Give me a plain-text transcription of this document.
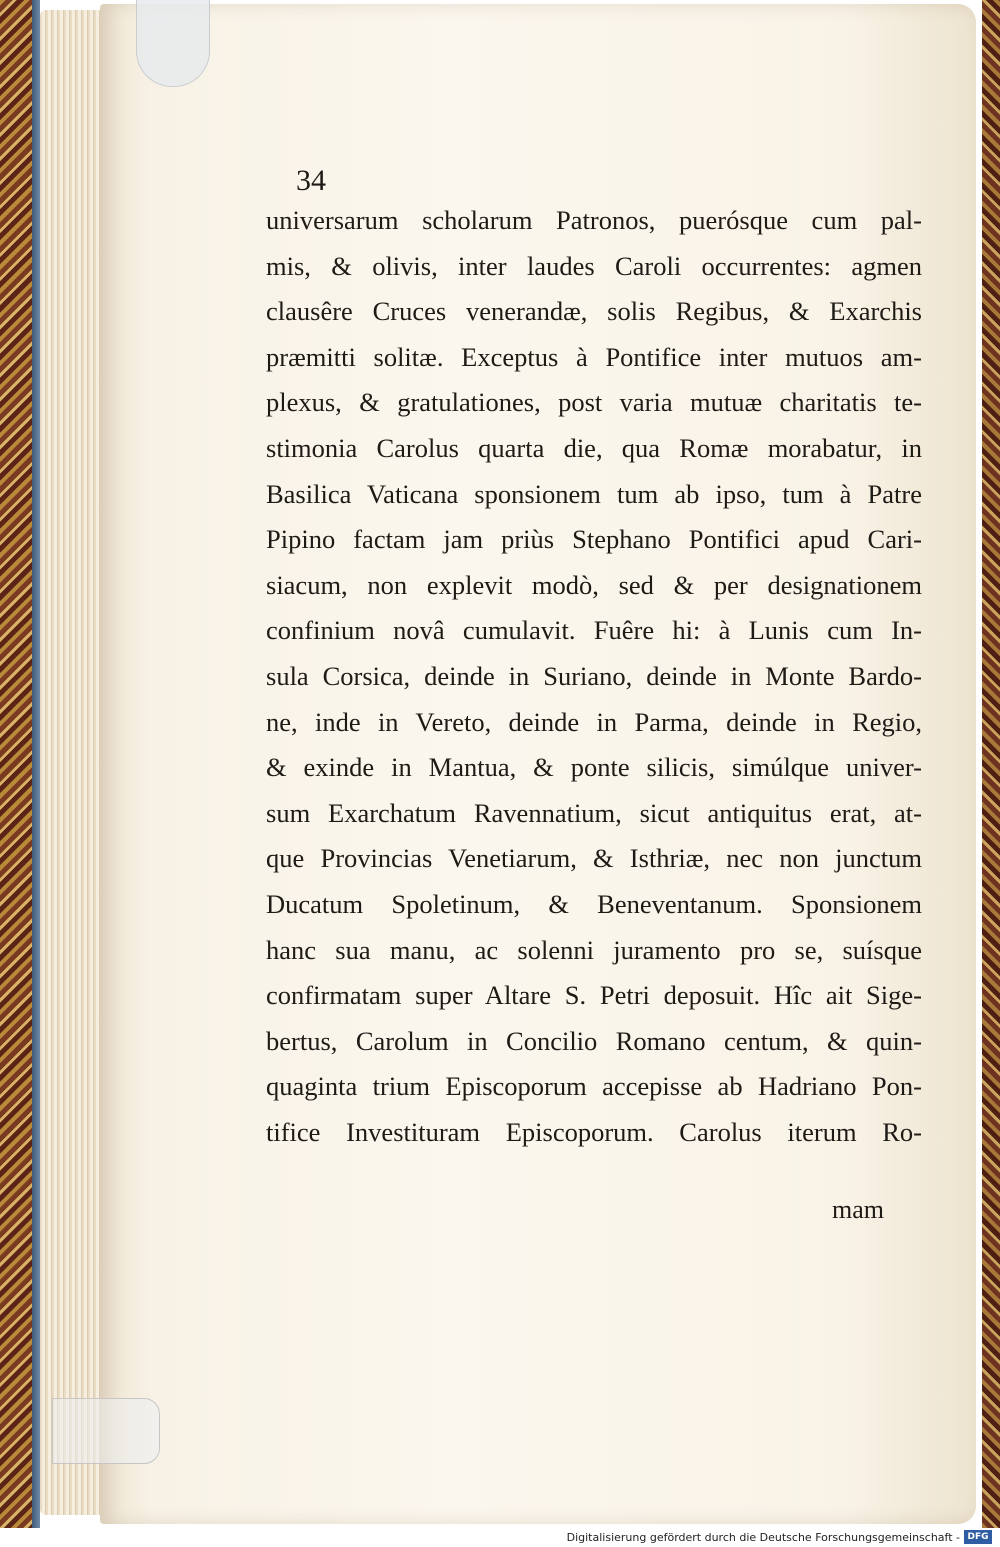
34
universarum scholarum Patronos, puerósque cum pal-
mis, & olivis, inter laudes Caroli occurrentes: agmen
clausêre Cruces venerandæ, solis Regibus, & Exarchis
præmitti solitæ. Exceptus à Pontifice inter mutuos am-
plexus, & gratulationes, post varia mutuæ charitatis te-
stimonia Carolus quarta die, qua Romæ morabatur, in
Basilica Vaticana sponsionem tum ab ipso, tum à Patre
Pipino factam jam priùs Stephano Pontifici apud Cari-
siacum, non explevit modò, sed & per designationem
confinium novâ cumulavit. Fuêre hi: à Lunis cum In-
sula Corsica, deinde in Suriano, deinde in Monte Bardo-
ne, inde in Vereto, deinde in Parma, deinde in Regio,
& exinde in Mantua, & ponte silicis, simúlque univer-
sum Exarchatum Ravennatium, sicut antiquitus erat, at-
que Provincias Venetiarum, & Isthriæ, nec non junctum
Ducatum Spoletinum, & Beneventanum. Sponsionem
hanc sua manu, ac solenni juramento pro se, suísque
confirmatam super Altare S. Petri deposuit. Hîc ait Sige-
bertus, Carolum in Concilio Romano centum, & quin-
quaginta trium Episcoporum accepisse ab Hadriano Pon-
tifice Investituram Episcoporum. Carolus iterum Ro-
mam
Digitalisierung gefördert durch die Deutsche Forschungsgemeinschaft - DFG
